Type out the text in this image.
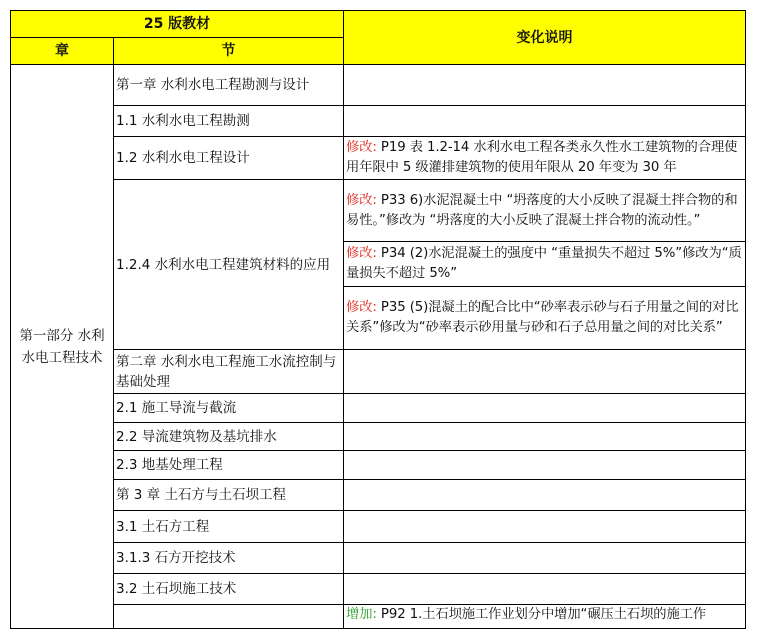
25 版教材		变化说明
章	节	
第一部分 水利水电工程技术	第一章 水利水电工程勘测与设计	
	1.1 水利水电工程勘测	
	1.2 水利水电工程设计	修改: P19 表 1.2-14 水利水电工程各类永久性水工建筑物的合理使用年限中 5 级灌排建筑物的使用年限从 20 年变为 30 年
	1.2.4 水利水电工程建筑材料的应用	修改: P33 6)水泥混凝土中 “坍落度的大小反映了混凝土拌合物的和易性。”修改为 “坍落度的大小反映了混凝土拌合物的流动性。”
		修改: P34 (2)水泥混凝土的强度中 “重量损失不超过 5%”修改为“质量损失不超过 5%”
		修改: P35 (5)混凝土的配合比中“砂率表示砂与石子用量之间的对比关系”修改为“砂率表示砂用量与砂和石子总用量之间的对比关系”
	第二章 水利水电工程施工水流控制与基础处理	
	2.1 施工导流与截流	
	2.2 导流建筑物及基坑排水	
	2.3 地基处理工程	
	第 3 章 土石方与土石坝工程	
	3.1 土石方工程	
	3.1.3 石方开挖技术	
	3.2 土石坝施工技术	
		增加: P92 1.土石坝施工作业划分中增加“碾压土石坝的施工作
